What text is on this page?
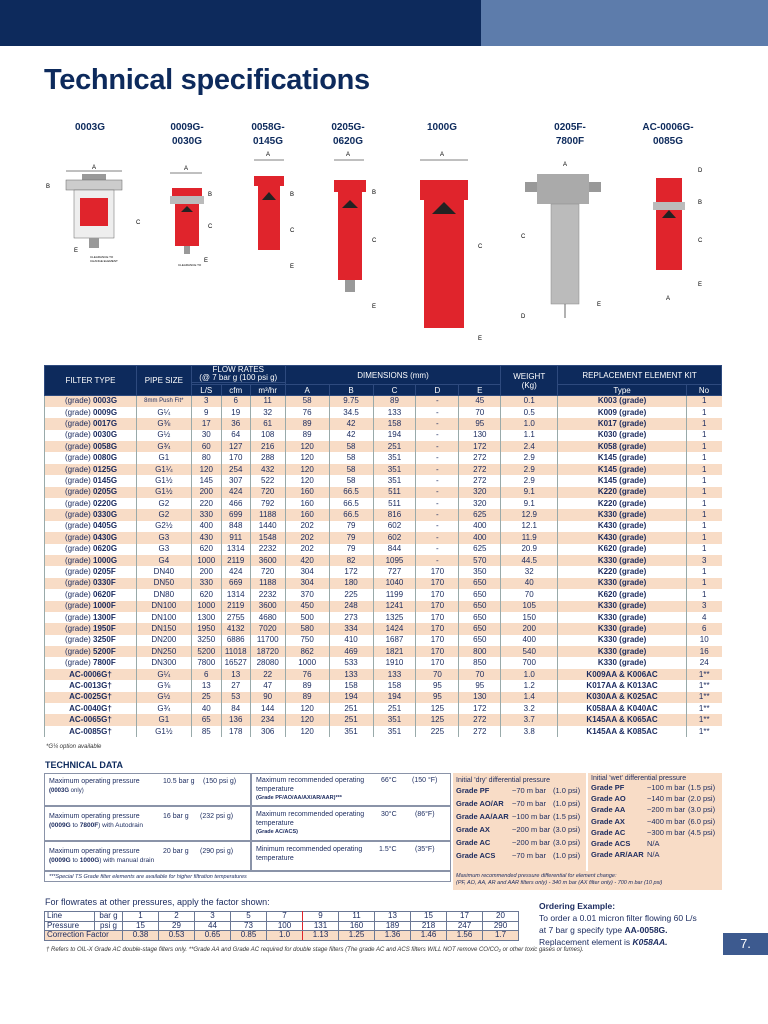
Technical specifications
0003G	0009G-
0030G
0058G-
0145G
0205G-
0620G
1000G	0205F-
7800F
AC-0006G-
0085G
A
B
C
E
CLEARANCE TO
CHANGE ELEMENT
A
B
C
E
CLEARANCE TO
A
B
C
E
A
B
C
E
A
C
E
A
C
E
D
D
B
C
E
A
FILTER TYPE	PIPE SIZE	FLOW RATES
(@ 7 bar g (100 psi g)			DIMENSIONS (mm)					WEIGHT
(Kg)	REPLACEMENT ELEMENT KIT	

		L/S	cfm	m³/hr	A	B	C	D	E		Type	No
(grade) 0003G	8mm Push Fit*	3	6	11	58	9.75	89	-	45	0.1	K003 (grade)	1
(grade) 0009G	G¼	9	19	32	76	34.5	133	-	70	0.5	K009 (grade)	1
(grade) 0017G	G⅜	17	36	61	89	42	158	-	95	1.0	K017 (grade)	1
(grade) 0030G	G½	30	64	108	89	42	194	-	130	1.1	K030 (grade)	1
(grade) 0058G	G¾	60	127	216	120	58	251	-	172	2.4	K058 (grade)	1
(grade) 0080G	G1	80	170	288	120	58	351	-	272	2.9	K145 (grade)	1
(grade) 0125G	G1¼	120	254	432	120	58	351	-	272	2.9	K145 (grade)	1
(grade) 0145G	G1½	145	307	522	120	58	351	-	272	2.9	K145 (grade)	1
(grade) 0205G	G1½	200	424	720	160	66.5	511	-	320	9.1	K220 (grade)	1
(grade) 0220G	G2	220	466	792	160	66.5	511	-	320	9.1	K220 (grade)	1
(grade) 0330G	G2	330	699	1188	160	66.5	816	-	625	12.9	K330 (grade)	1
(grade) 0405G	G2½	400	848	1440	202	79	602	-	400	12.1	K430 (grade)	1
(grade) 0430G	G3	430	911	1548	202	79	602	-	400	11.9	K430 (grade)	1
(grade) 0620G	G3	620	1314	2232	202	79	844	-	625	20.9	K620 (grade)	1
(grade) 1000G	G4	1000	2119	3600	420	82	1095	-	570	44.5	K330 (grade)	3
(grade) 0205F	DN40	200	424	720	304	172	727	170	350	32	K220 (grade)	1
(grade) 0330F	DN50	330	669	1188	304	180	1040	170	650	40	K330 (grade)	1
(grade) 0620F	DN80	620	1314	2232	370	225	1199	170	650	70	K620 (grade)	1
(grade) 1000F	DN100	1000	2119	3600	450	248	1241	170	650	105	K330 (grade)	3
(grade) 1300F	DN100	1300	2755	4680	500	273	1325	170	650	150	K330 (grade)	4
(grade) 1950F	DN150	1950	4132	7020	580	334	1424	170	650	200	K330 (grade)	6
(grade) 3250F	DN200	3250	6886	11700	750	410	1687	170	650	400	K330 (grade)	10
(grade) 5200F	DN250	5200	11018	18720	862	469	1821	170	800	540	K330 (grade)	16
(grade) 7800F	DN300	7800	16527	28080	1000	533	1910	170	850	700	K330 (grade)	24
AC-0006G†	G¼	6	13	22	76	133	133	70	70	1.0	K009AA & K006AC	1**
AC-0013G†	G⅜	13	27	47	89	158	158	95	95	1.2	K017AA & K013AC	1**
AC-0025G†	G½	25	53	90	89	194	194	95	130	1.4	K030AA & K025AC	1**
AC-0040G†	G¾	40	84	144	120	251	251	125	172	3.2	K058AA & K040AC	1**
AC-0065G†	G1	65	136	234	120	251	351	125	272	3.7	K145AA & K065AC	1**
AC-0085G†	G1½	85	178	306	120	351	351	225	272	3.8	K145AA & K085AC	1**
*G¼ option available
TECHNICAL DATA
Maximum operating pressure	10.5 bar g (150 psi g)

(0003G only)
Maximum operating pressure	16 bar g (232 psi g)

(0009G to 7800F) with Autodrain
Maximum operating pressure	20 bar g (290 psi g)

(0009G to 1000G) with manual drain
Maximum recommended operating temperature
66°C (150 °F)
(Grade PF/AO/AA/AX/AR/AAR)***
Maximum recommended operating temperature
30°C	(86°F)
(Grade AC/ACS)
Minimum recommended operating temperature
1.5°C	(35°F)
***Special TS Grade filter elements are available for higher filtration temperatures
Initial 'dry' differential pressure
Grade PF	~70 m bar (1.0 psi)
Grade AO/AR ~70 m bar (1.0 psi)
Grade AA/AAR ~100 m bar (1.5 psi)
Grade AX	~200 m bar (3.0 psi)
Grade AC	~200 m bar (3.0 psi)
Grade ACS ~70 m bar (1.0 psi)
Initial 'wet' differential pressure
Grade PF	~100 m bar (1.5 psi)
Grade AO	~140 m bar (2.0 psi)
Grade AA	~200 m bar (3.0 psi)
Grade AX	~400 m bar (6.0 psi)
Grade AC	~300 m bar (4.5 psi)
Grade ACS N/A
Grade AR/AAR N/A
Maximum recommended pressure differential for element change:
(PF, AO, AA, AR and AAR filters only) - 340 m bar (AX filter only) - 700 m bar (10 psi)
For flowrates at other pressures, apply the factor shown:
Line	bar g	1	2	3	5	7	9	11	13	15	17	20
Pressure	psi g	15	29	44	73	100	131	160	189	218	247	290
Correction Factor		0.38	0.53	0.65	0.85	1.0	1.13	1.25	1.36	1.46	1.56	1.7
Ordering Example:
To order a 0.01 micron filter flowing 60 L/s
at 7 bar g specify type AA-0058G.
Replacement element is K058AA.	7.
† Refers to OIL-X Grade AC double-stage filters only. **Grade AA and Grade AC required for double stage filters (The grade AC and ACS filters WILL NOT remove CO/CO₂ or other toxic gases or fumes).
